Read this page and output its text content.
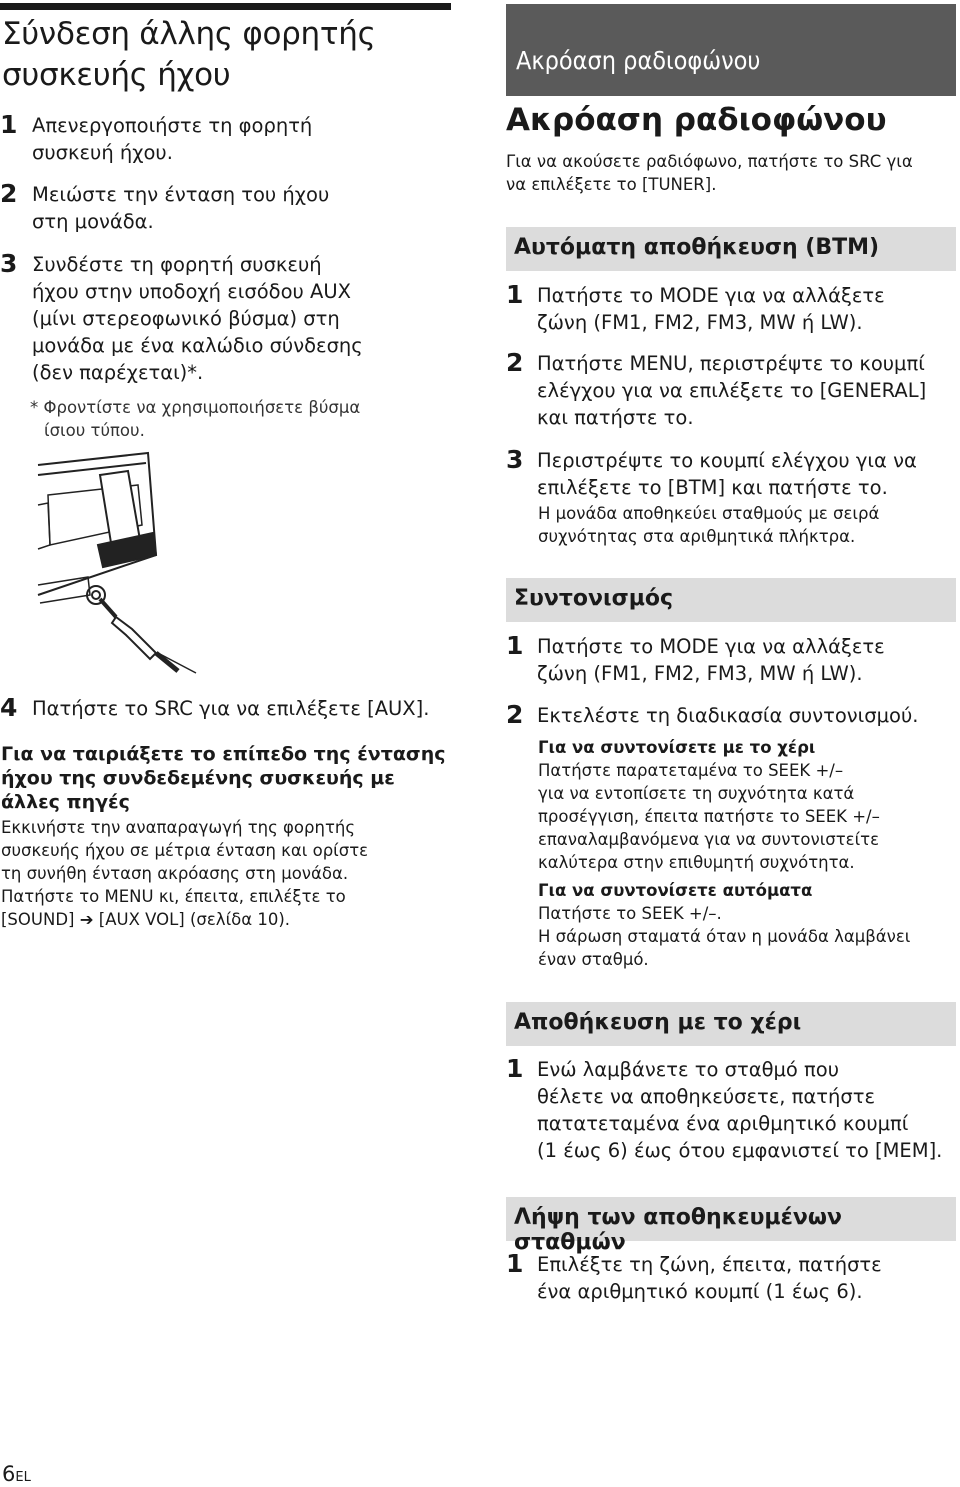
Σύνδεση άλλης φορητής
συσκευής ήχου
1 Απενεργοποιήστε τη φορητή
συσκευή ήχου.
2 Μειώστε την ένταση του ήχου
στη μονάδα.
3 Συνδέστε τη φορητή συσκευή
ήχου στην υποδοχή εισόδου AUX
(μίνι στερεοφωνικό βύσμα) στη
μονάδα με ένα καλώδιο σύνδεσης
(δεν παρέχεται)*.
* Φροντίστε να χρησιμοποιήσετε βύσμα
ίσιου τύπου.
4 Πατήστε το SRC για να επιλέξετε [AUX].
Για να ταιριάξετε το επίπεδο της έντασης
ήχου της συνδεδεμένης συσκευής με
άλλες πηγές
Εκκινήστε την αναπαραγωγή της φορητής
συσκευής ήχου σε μέτρια ένταση και ορίστε
τη συνήθη ένταση ακρόασης στη μονάδα.
Πατήστε το MENU κι, έπειτα, επιλέξτε το
[SOUND] ➔ [AUX VOL] (σελίδα 10).
Ακρόαση ραδιοφώνου
Ακρόαση ραδιοφώνου
Για να ακούσετε ραδιόφωνο, πατήστε το SRC για
να επιλέξετε το [TUNER].
Αυτόματη αποθήκευση (BTM)
1 Πατήστε το MODE για να αλλάξετε
ζώνη (FM1, FM2, FM3, MW ή LW).
2 Πατήστε MENU, περιστρέψτε το κουμπί
ελέγχου για να επιλέξετε το [GENERAL]
και πατήστε το.
3 Περιστρέψτε το κουμπί ελέγχου για να
επιλέξετε το [BTM] και πατήστε το.
Η μονάδα αποθηκεύει σταθμούς με σειρά
συχνότητας στα αριθμητικά πλήκτρα.
Συντονισμός
1 Πατήστε το MODE για να αλλάξετε
ζώνη (FM1, FM2, FM3, MW ή LW).
2 Εκτελέστε τη διαδικασία συντονισμού.
Για να συντονίσετε με το χέρι
Πατήστε παρατεταμένα το SEEK +/–
για να εντοπίσετε τη συχνότητα κατά
προσέγγιση, έπειτα πατήστε το SEEK +/–
επαναλαμβανόμενα για να συντονιστείτε
καλύτερα στην επιθυμητή συχνότητα.
Για να συντονίσετε αυτόματα
Πατήστε το SEEK +/–.
Η σάρωση σταματά όταν η μονάδα λαμβάνει
έναν σταθμό.
Αποθήκευση με το χέρι
1 Ενώ λαμβάνετε το σταθμό που
θέλετε να αποθηκεύσετε, πατήστε
πατατεταμένα ένα αριθμητικό κουμπί
(1 έως 6) έως ότου εμφανιστεί το [MEM].
Λήψη των αποθηκευμένων σταθμών
1 Επιλέξτε τη ζώνη, έπειτα, πατήστε
ένα αριθμητικό κουμπί (1 έως 6).
6EL
